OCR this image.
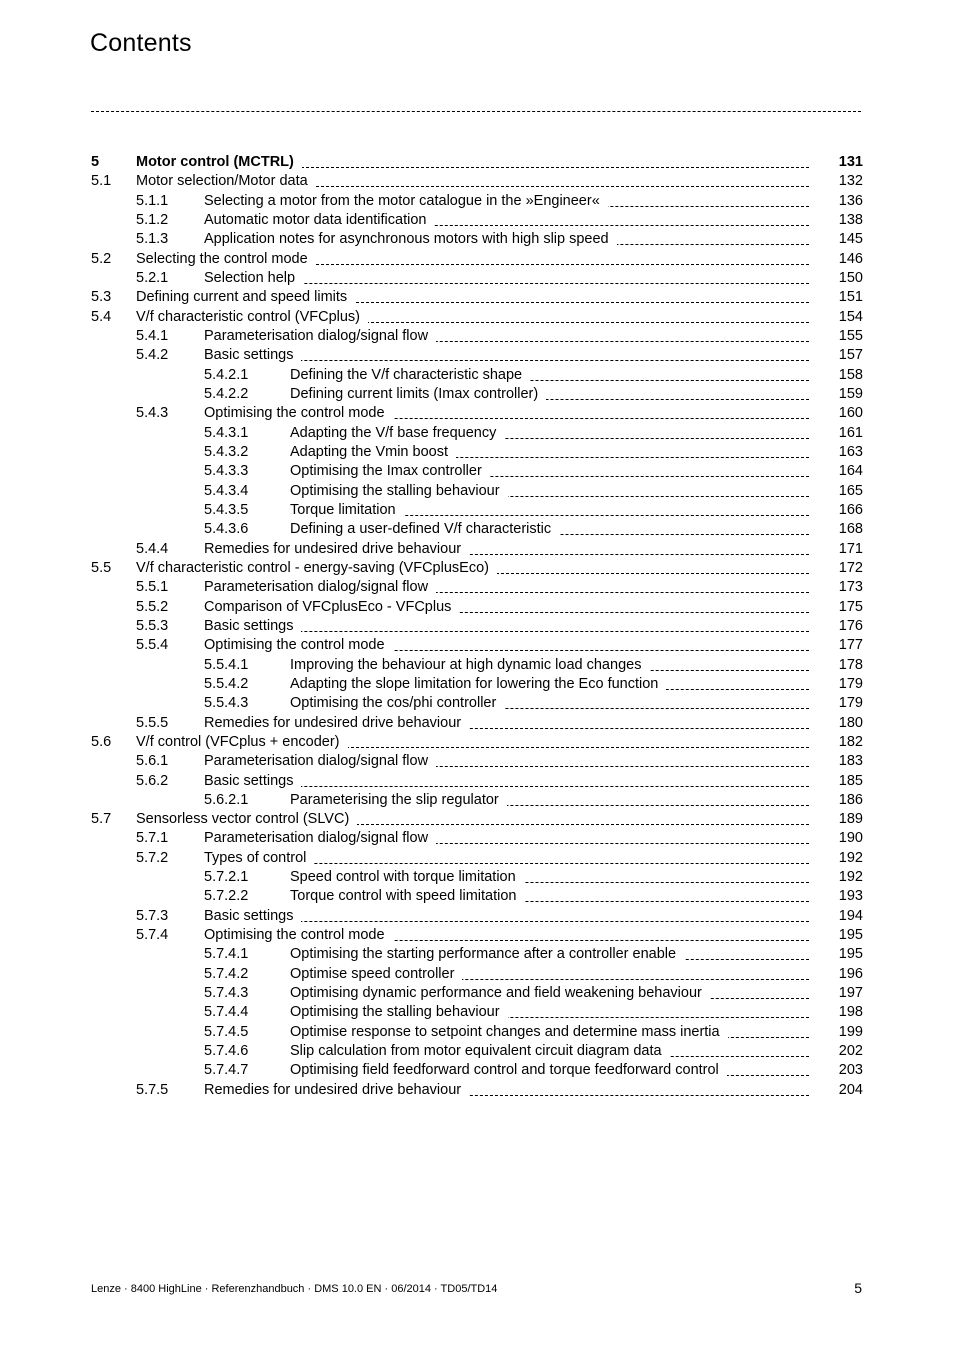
Contents
5	Motor control (MCTRL)	131
5.1 Motor selection/Motor data	132
5.1.1 Selecting a motor from the motor catalogue in the »Engineer«	136
5.1.2 Automatic motor data identification	138
5.1.3 Application notes for asynchronous motors with high slip speed	145
5.2 Selecting the control mode	146
5.2.1 Selection help	150
5.3 Defining current and speed limits	151
5.4 V/f characteristic control (VFCplus)	154
5.4.1 Parameterisation dialog/signal flow	155
5.4.2 Basic settings	157
5.4.2.1	Defining the V/f characteristic shape	158
5.4.2.2	Defining current limits (Imax controller)	159
5.4.3 Optimising the control mode	160
5.4.3.1	Adapting the V/f base frequency	161
5.4.3.2	Adapting the Vmin boost	163
5.4.3.3	Optimising the Imax controller	164
5.4.3.4	Optimising the stalling behaviour	165
5.4.3.5	Torque limitation	166
5.4.3.6	Defining a user-defined V/f characteristic	168
5.4.4 Remedies for undesired drive behaviour	171
5.5 V/f characteristic control - energy-saving (VFCplusEco)	172
5.5.1 Parameterisation dialog/signal flow	173
5.5.2 Comparison of VFCplusEco - VFCplus	175
5.5.3 Basic settings	176
5.5.4 Optimising the control mode	177
5.5.4.1	Improving the behaviour at high dynamic load changes	178
5.5.4.2	Adapting the slope limitation for lowering the Eco function	179
5.5.4.3	Optimising the cos/phi controller	179
5.5.5 Remedies for undesired drive behaviour	180
5.6 V/f control (VFCplus + encoder)	182
5.6.1 Parameterisation dialog/signal flow	183
5.6.2 Basic settings	185
5.6.2.1	Parameterising the slip regulator	186
5.7 Sensorless vector control (SLVC)	189
5.7.1 Parameterisation dialog/signal flow	190
5.7.2 Types of control	192
5.7.2.1	Speed control with torque limitation	192
5.7.2.2	Torque control with speed limitation	193
5.7.3 Basic settings	194
5.7.4 Optimising the control mode	195
5.7.4.1	Optimising the starting performance after a controller enable	195
5.7.4.2	Optimise speed controller	196
5.7.4.3	Optimising dynamic performance and field weakening behaviour	197
5.7.4.4	Optimising the stalling behaviour	198
5.7.4.5	Optimise response to setpoint changes and determine mass inertia	199
5.7.4.6	Slip calculation from motor equivalent circuit diagram data	202
5.7.4.7	Optimising field feedforward control and torque feedforward control	203
5.7.5 Remedies for undesired drive behaviour	204
Lenze · 8400 HighLine · Referenzhandbuch · DMS 10.0 EN · 06/2014 · TD05/TD14	5
